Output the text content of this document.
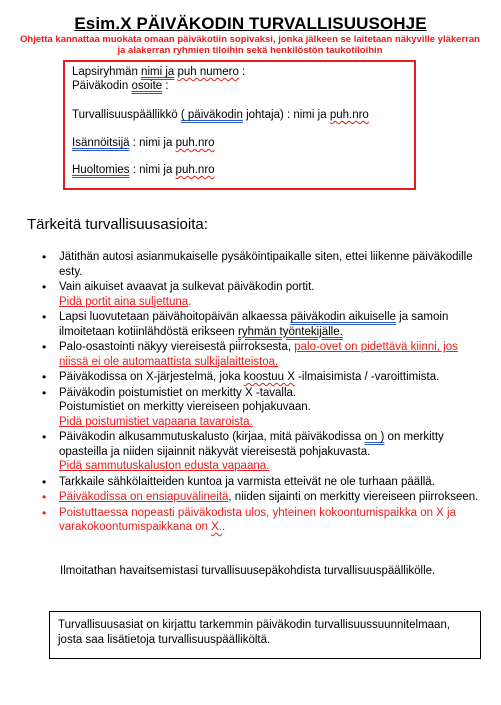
Esim.X PÄIVÄKODIN TURVALLISUUSOHJE
Ohjetta kannattaa muokata omaan päiväkotiin sopivaksi, jonka jälkeen se laitetaan näkyville yläkerran ja alakerran ryhmien tiloihin sekä henkilöstön taukotiloihin
Lapsiryhmän nimi ja puh numero :
Päiväkodin osoite :
Turvallisuuspäällikkö ( päiväkodin johtaja) : nimi ja puh.nro
Isännöitsijä : nimi ja puh.nro
Huoltomies : nimi ja puh.nro
Tärkeitä turvallisuusasioita:
• Jätithän autosi asianmukaiselle pysäköintipaikalle siten, ettei liikenne päiväkodille esty.
• Vain aikuiset avaavat ja sulkevat päiväkodin portit.
Pidä portit aina suljettuna.
• Lapsi luovutetaan päivähoitopäivän alkaessa päiväkodin aikuiselle ja samoin ilmoitetaan kotiinlähdöstä erikseen ryhmän työntekijälle.
• Palo-osastointi näkyy viereisestä piirroksesta, palo-ovet on pidettävä kiinni, jos niissä ei ole automaattista sulkijalaitteistoa.
• Päiväkodissa on X-järjestelmä, joka koostuu X -ilmaisimista / -varoittimista.
• Päiväkodin poistumistiet on merkitty X -tavalla.
Poistumistiet on merkitty viereiseen pohjakuvaan.
Pidä poistumistiet vapaana tavaroista.
• Päiväkodin alkusammutuskalusto (kirjaa, mitä päiväkodissa on ) on merkitty opasteilla ja niiden sijainnit näkyvät viereisestä pohjakuvasta.
Pidä sammutuskaluston edusta vapaana.
• Tarkkaile sähkölaitteiden kuntoa ja varmista etteivät ne ole turhaan päällä.
• Päiväkodissa on ensiapuvälineitä, niiden sijainti on merkitty viereiseen piirrokseen.
• Poistuttaessa nopeasti päiväkodista ulos, yhteinen kokoontumispaikka on X ja varakokoontumispaikkana on X..
Ilmoitathan havaitsemistasi turvallisuusepäkohdista turvallisuuspäällikölle.
Turvallisuusasiat on kirjattu tarkemmin päiväkodin turvallisuussuunnitelmaan, josta saa lisätietoja turvallisuuspäälliköltä.
